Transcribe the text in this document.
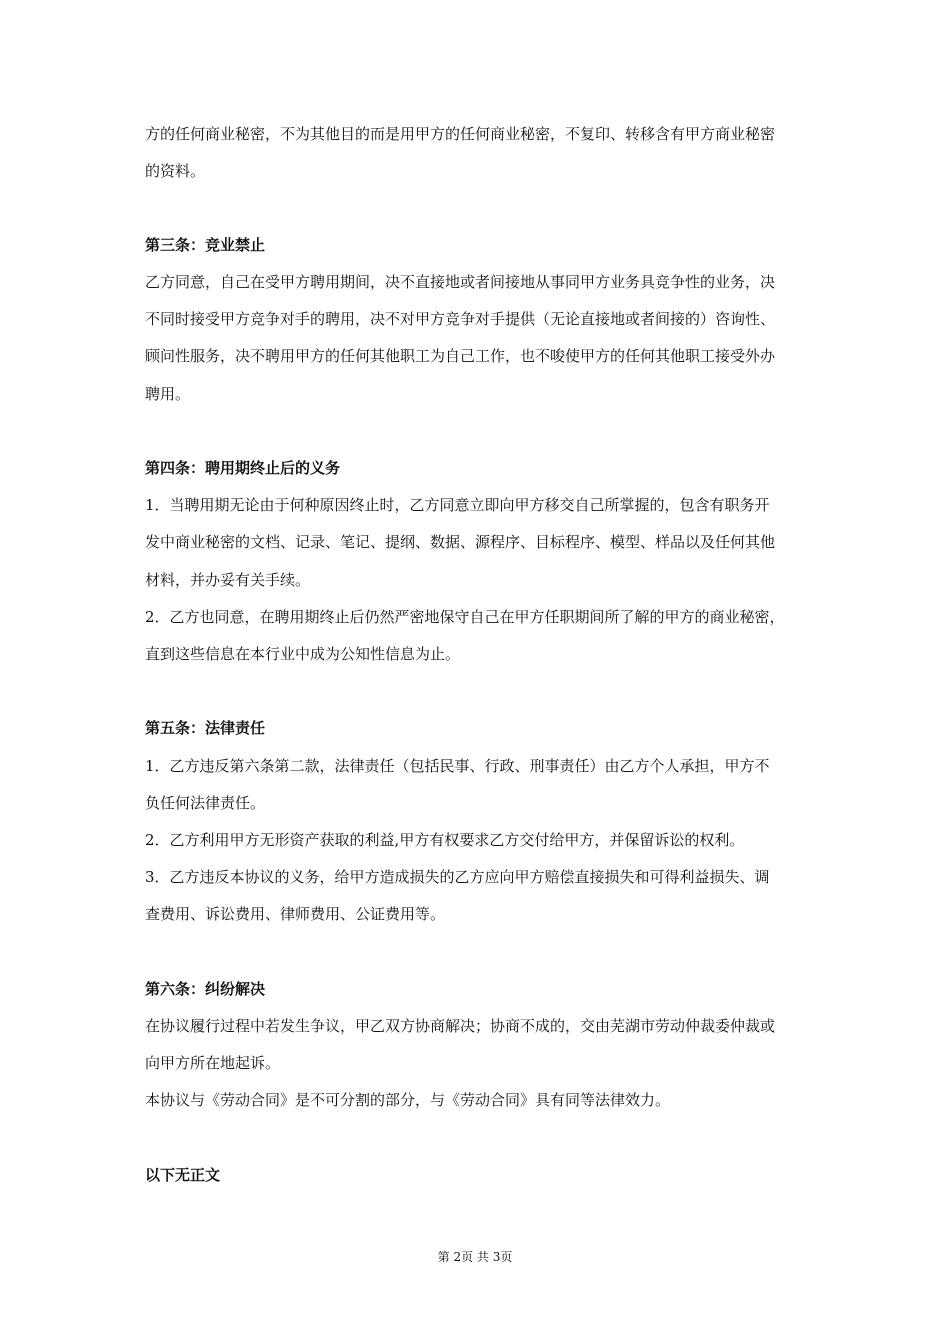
方的任何商业秘密，不为其他目的而是用甲方的任何商业秘密，不复印、转移含有甲方商业秘密
的资料。
第三条：竞业禁止
乙方同意，自己在受甲方聘用期间，决不直接地或者间接地从事同甲方业务具竞争性的业务，决
不同时接受甲方竞争对手的聘用，决不对甲方竞争对手提供（无论直接地或者间接的）咨询性、
顾问性服务，决不聘用甲方的任何其他职工为自己工作，也不唆使甲方的任何其他职工接受外办
聘用。
第四条：聘用期终止后的义务
1．当聘用期无论由于何种原因终止时，乙方同意立即向甲方移交自己所掌握的，包含有职务开
发中商业秘密的文档、记录、笔记、提纲、数据、源程序、目标程序、模型、样品以及任何其他
材料，并办妥有关手续。
2．乙方也同意，在聘用期终止后仍然严密地保守自己在甲方任职期间所了解的甲方的商业秘密，
直到这些信息在本行业中成为公知性信息为止。
第五条：法律责任
1．乙方违反第六条第二款，法律责任（包括民事、行政、刑事责任）由乙方个人承担，甲方不
负任何法律责任。
2．乙方利用甲方无形资产获取的利益,甲方有权要求乙方交付给甲方，并保留诉讼的权利。
3．乙方违反本协议的义务，给甲方造成损失的乙方应向甲方赔偿直接损失和可得利益损失、调
查费用、诉讼费用、律师费用、公证费用等。
第六条：纠纷解决
在协议履行过程中若发生争议，甲乙双方协商解决；协商不成的，交由芜湖市劳动仲裁委仲裁或
向甲方所在地起诉。
本协议与《劳动合同》是不可分割的部分，与《劳动合同》具有同等法律效力。
以下无正文
第 2页 共 3页
